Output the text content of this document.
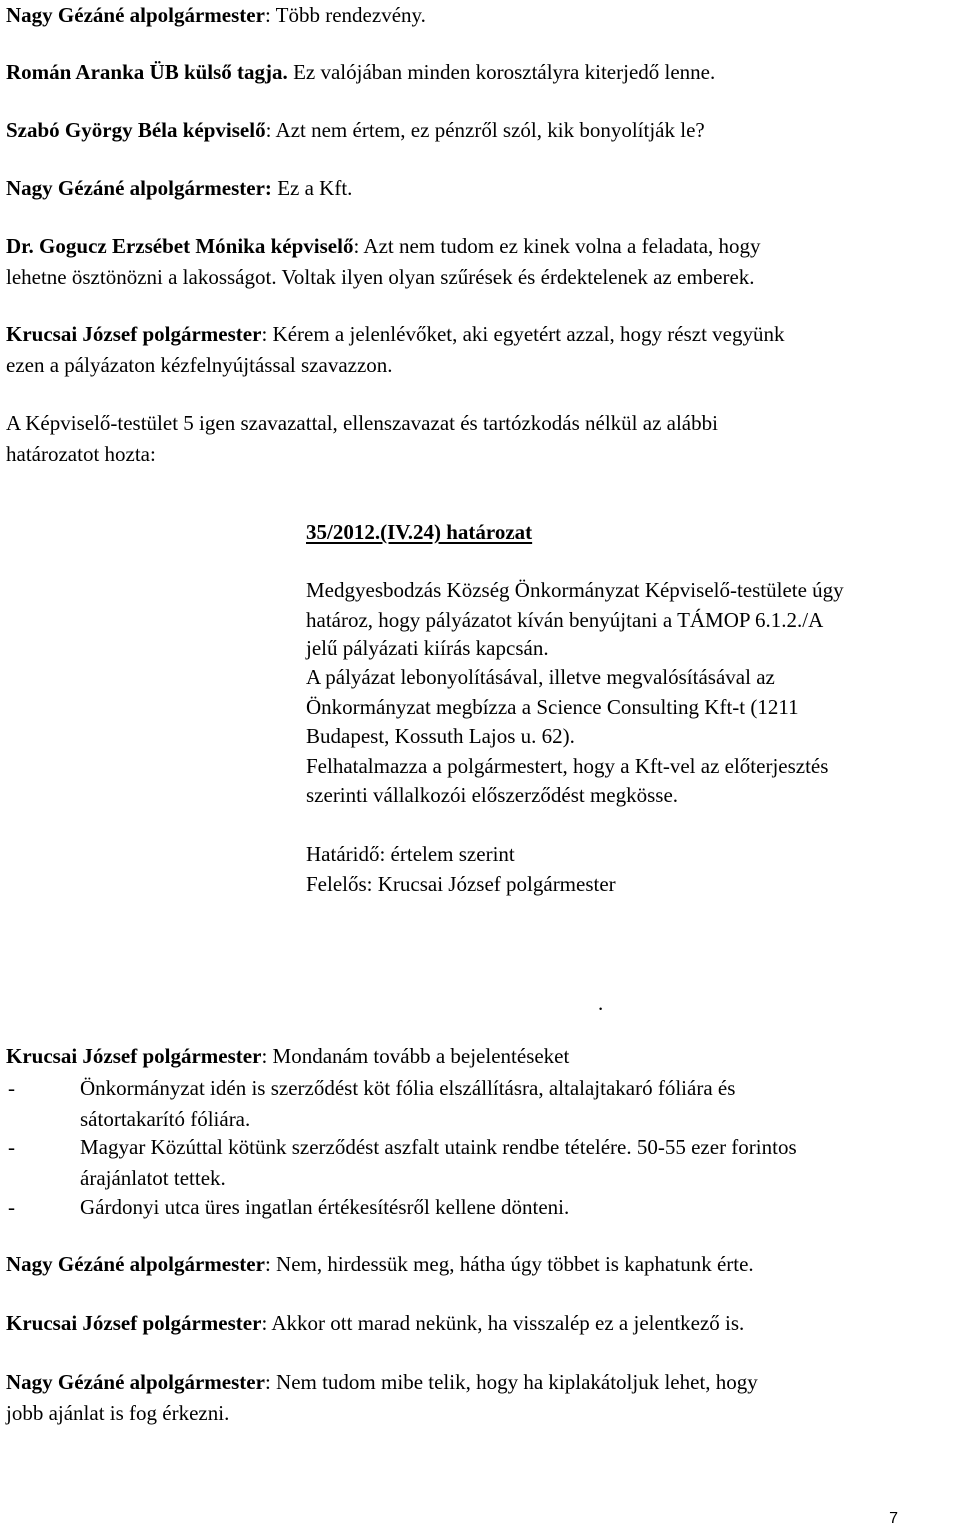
Nagy Gézáné alpolgármester: Több rendezvény.
Román Aranka ÜB külső tagja. Ez valójában minden korosztályra kiterjedő lenne.
Szabó György Béla képviselő: Azt nem értem, ez pénzről szól, kik bonyolítják le?
Nagy Gézáné alpolgármester: Ez a Kft.
Dr. Gogucz Erzsébet Mónika képviselő: Azt nem tudom ez kinek volna a feladata, hogy
lehetne ösztönözni a lakosságot. Voltak ilyen olyan szűrések és érdektelenek az emberek.
Krucsai József polgármester: Kérem a jelenlévőket, aki egyetért azzal, hogy részt vegyünk
ezen a pályázaton kézfelnyújtással szavazzon.
A Képviselő-testület 5 igen szavazattal, ellenszavazat és tartózkodás nélkül az alábbi
határozatot hozta:
35/2012.(IV.24) határozat
Medgyesbodzás Község Önkormányzat Képviselő-testülete úgy
határoz, hogy pályázatot kíván benyújtani a TÁMOP 6.1.2./A
jelű pályázati kiírás kapcsán.
A pályázat lebonyolításával, illetve megvalósításával az
Önkormányzat megbízza a Science Consulting Kft-t (1211
Budapest, Kossuth Lajos u. 62).
Felhatalmazza a polgármestert, hogy a Kft-vel az előterjesztés
szerinti vállalkozói előszerződést megkösse.
Határidő: értelem szerint
Felelős: Krucsai József polgármester
.
Krucsai József polgármester: Mondanám tovább a bejelentéseket
-	Önkormányzat idén is szerződést köt fólia elszállításra, altalajtakaró fóliára és
sátortakarító fóliára.
-	Magyar Közúttal kötünk szerződést aszfalt utaink rendbe tételére. 50-55 ezer forintos
árajánlatot tettek.
-	Gárdonyi utca üres ingatlan értékesítésről kellene dönteni.
Nagy Gézáné alpolgármester: Nem, hirdessük meg, hátha úgy többet is kaphatunk érte.
Krucsai József polgármester: Akkor ott marad nekünk, ha visszalép ez a jelentkező is.
Nagy Gézáné alpolgármester: Nem tudom mibe telik, hogy ha kiplakátoljuk lehet, hogy
jobb ajánlat is fog érkezni.
7
